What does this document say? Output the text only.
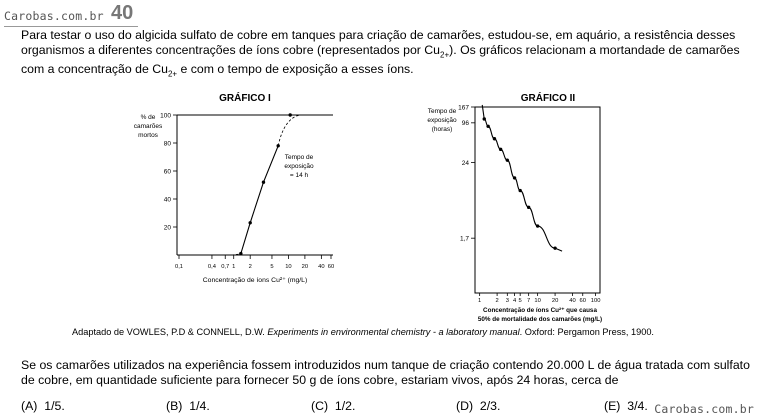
Carobas.com.br 40
Para testar o uso do algicida sulfato de cobre em tanques para criação de camarões, estudou-se, em aquário, a resistência desses organismos a diferentes concentrações de íons cobre (representados por $Cu_{2+}$). Os gráficos relacionam a mortandade de camarões com a concentração de $Cu_{2+}$ e com o tempo de exposição a esses íons.
GRÁFICO I
% de
camarões
mortos
100
80
60
40
20
0,1	0,4 0,7 1 2	5 10 20 40 60
Tempo de
exposição
= 14 h
Concentração de íons Cu²⁺ (mg/L)
GRÁFICO II
Tempo de
exposição
(horas)
167
96
24
1,7
1 2 3 4 5 7 10 20 40 60 100
Concentração de íons Cu²⁺ que causa
50% de mortalidade dos camarões (mg/L)
Adaptado de VOWLES, P.D & CONNELL, D.W. Experiments in environmental chemistry - a laboratory manual. Oxford: Pergamon Press, 1900.
Se os camarões utilizados na experiência fossem introduzidos num tanque de criação contendo 20.000 L de água tratada com sulfato de cobre, em quantidade suficiente para fornecer 50 g de íons cobre, estariam vivos, após 24 horas, cerca de
(A) 1/5.	(B) 1/4.	(C) 1/2.	(D) 2/3.	(E) 3/4. Carobas.com.br
